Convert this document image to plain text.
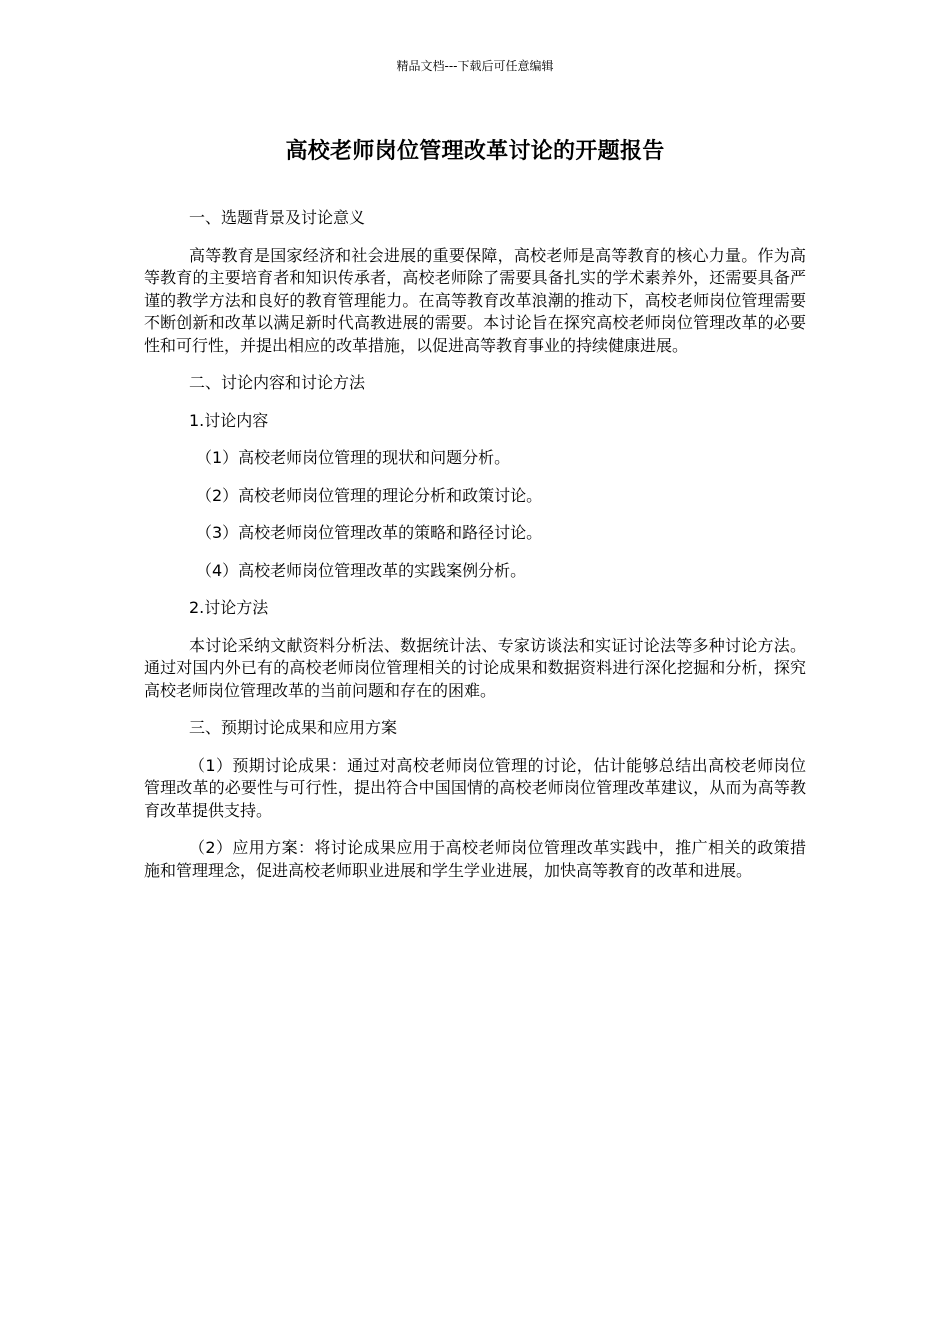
精品文档---下载后可任意编辑
高校老师岗位管理改革讨论的开题报告

一、选题背景及讨论意义

高等教育是国家经济和社会进展的重要保障，高校老师是高等教育的核心力量。作为高等教育的主要培育者和知识传承者，高校老师除了需要具备扎实的学术素养外，还需要具备严谨的教学方法和良好的教育管理能力。在高等教育改革浪潮的推动下，高校老师岗位管理需要不断创新和改革以满足新时代高教进展的需要。本讨论旨在探究高校老师岗位管理改革的必要性和可行性，并提出相应的改革措施，以促进高等教育事业的持续健康进展。

二、讨论内容和讨论方法

1.讨论内容

（1）高校老师岗位管理的现状和问题分析。

（2）高校老师岗位管理的理论分析和政策讨论。

（3）高校老师岗位管理改革的策略和路径讨论。

（4）高校老师岗位管理改革的实践案例分析。

2.讨论方法

本讨论采纳文献资料分析法、数据统计法、专家访谈法和实证讨论法等多种讨论方法。通过对国内外已有的高校老师岗位管理相关的讨论成果和数据资料进行深化挖掘和分析，探究高校老师岗位管理改革的当前问题和存在的困难。

三、预期讨论成果和应用方案

（1）预期讨论成果：通过对高校老师岗位管理的讨论，估计能够总结出高校老师岗位管理改革的必要性与可行性，提出符合中国国情的高校老师岗位管理改革建议，从而为高等教育改革提供支持。

（2）应用方案：将讨论成果应用于高校老师岗位管理改革实践中，推广相关的政策措施和管理理念，促进高校老师职业进展和学生学业进展，加快高等教育的改革和进展。
